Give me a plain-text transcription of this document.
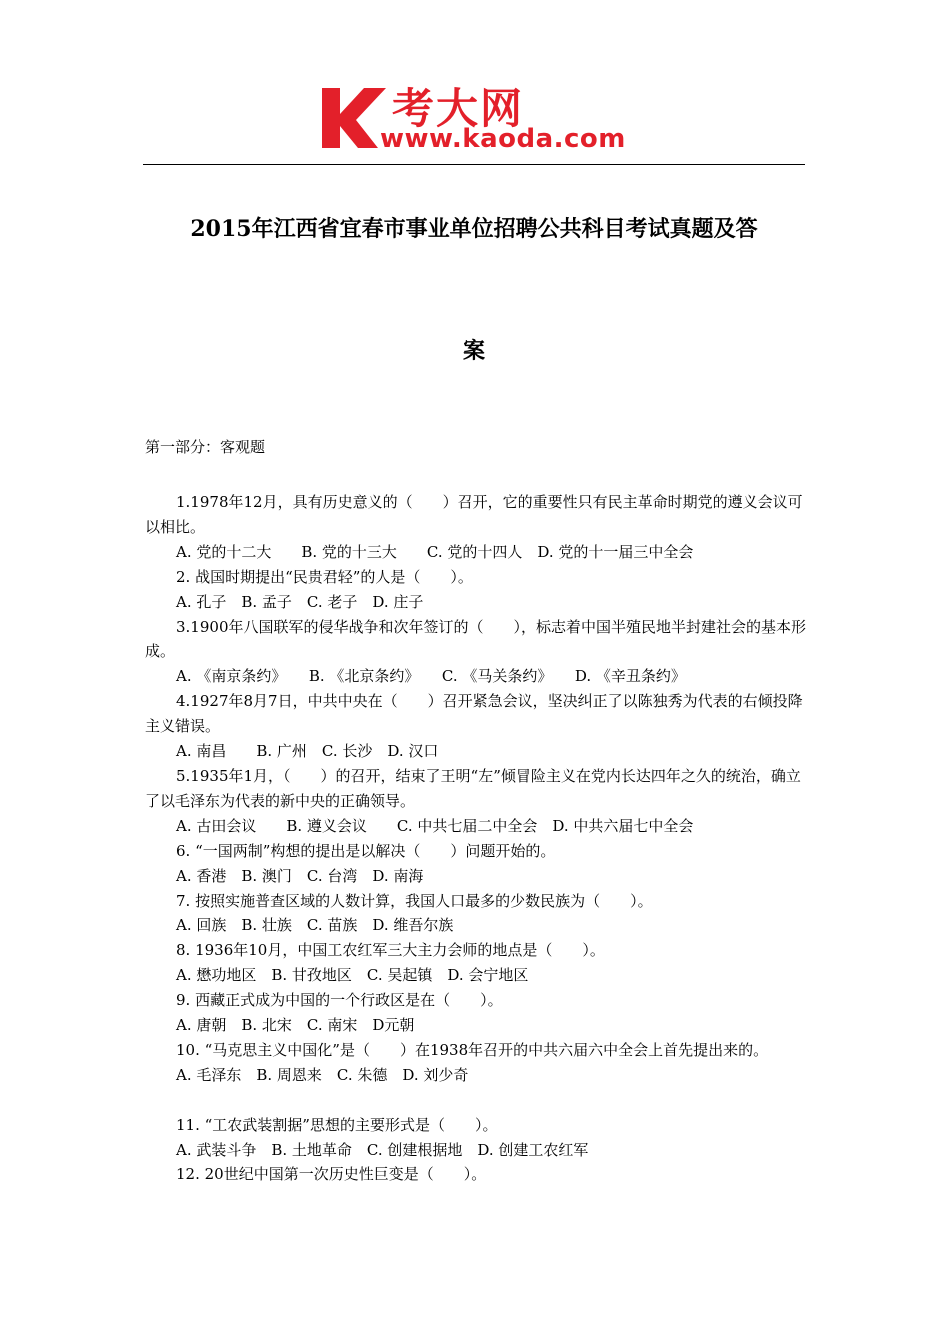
考大网
www.kaoda.com
2015年江西省宜春市事业单位招聘公共科目考试真题及答
案
第一部分：客观题

1.1978年12月，具有历史意义的（　　）召开，它的重要性只有民主革命时期党的遵义会议可以相比。

A. 党的十二大　　B. 党的十三大　　C. 党的十四人　D. 党的十一届三中全会

2. 战国时期提出“民贵君轻”的人是（　　）。

A. 孔子　B. 孟子　C. 老子　D. 庄子

3.1900年八国联军的侵华战争和次年签订的（　　），标志着中国半殖民地半封建社会的基本形成。

A. 《南京条约》　　B. 《北京条约》　　C. 《马关条约》　　D. 《辛丑条约》

4.1927年8月7日，中共中央在（　　）召开紧急会议，坚决纠正了以陈独秀为代表的右倾投降主义错误。

A. 南昌　　B. 广州　C. 长沙　D. 汉口

5.1935年1月，（　　）的召开，结束了王明“左”倾冒险主义在党内长达四年之久的统治，确立了以毛泽东为代表的新中央的正确领导。

A. 古田会议　　B. 遵义会议　　C. 中共七届二中全会　D. 中共六届七中全会

6. “一国两制”构想的提出是以解决（　　）问题开始的。

A. 香港　B. 澳门　C. 台湾　D. 南海

7. 按照实施普查区域的人数计算，我国人口最多的少数民族为（　　）。

A. 回族　B. 壮族　C. 苗族　D. 维吾尔族

8. 1936年10月，中国工农红军三大主力会师的地点是（　　）。

A. 懋功地区　B. 甘孜地区　C. 吴起镇　D. 会宁地区

9. 西藏正式成为中国的一个行政区是在（　　）。

A. 唐朝　B. 北宋　C. 南宋　D元朝

10. “马克思主义中国化”是（　　）在1938年召开的中共六届六中全会上首先提出来的。

A. 毛泽东　B. 周恩来　C. 朱德　D. 刘少奇

11. “工农武装割据”思想的主要形式是（　　）。

A. 武装斗争　B. 土地革命　C. 创建根据地　D. 创建工农红军

12. 20世纪中国第一次历史性巨变是（　　）。
